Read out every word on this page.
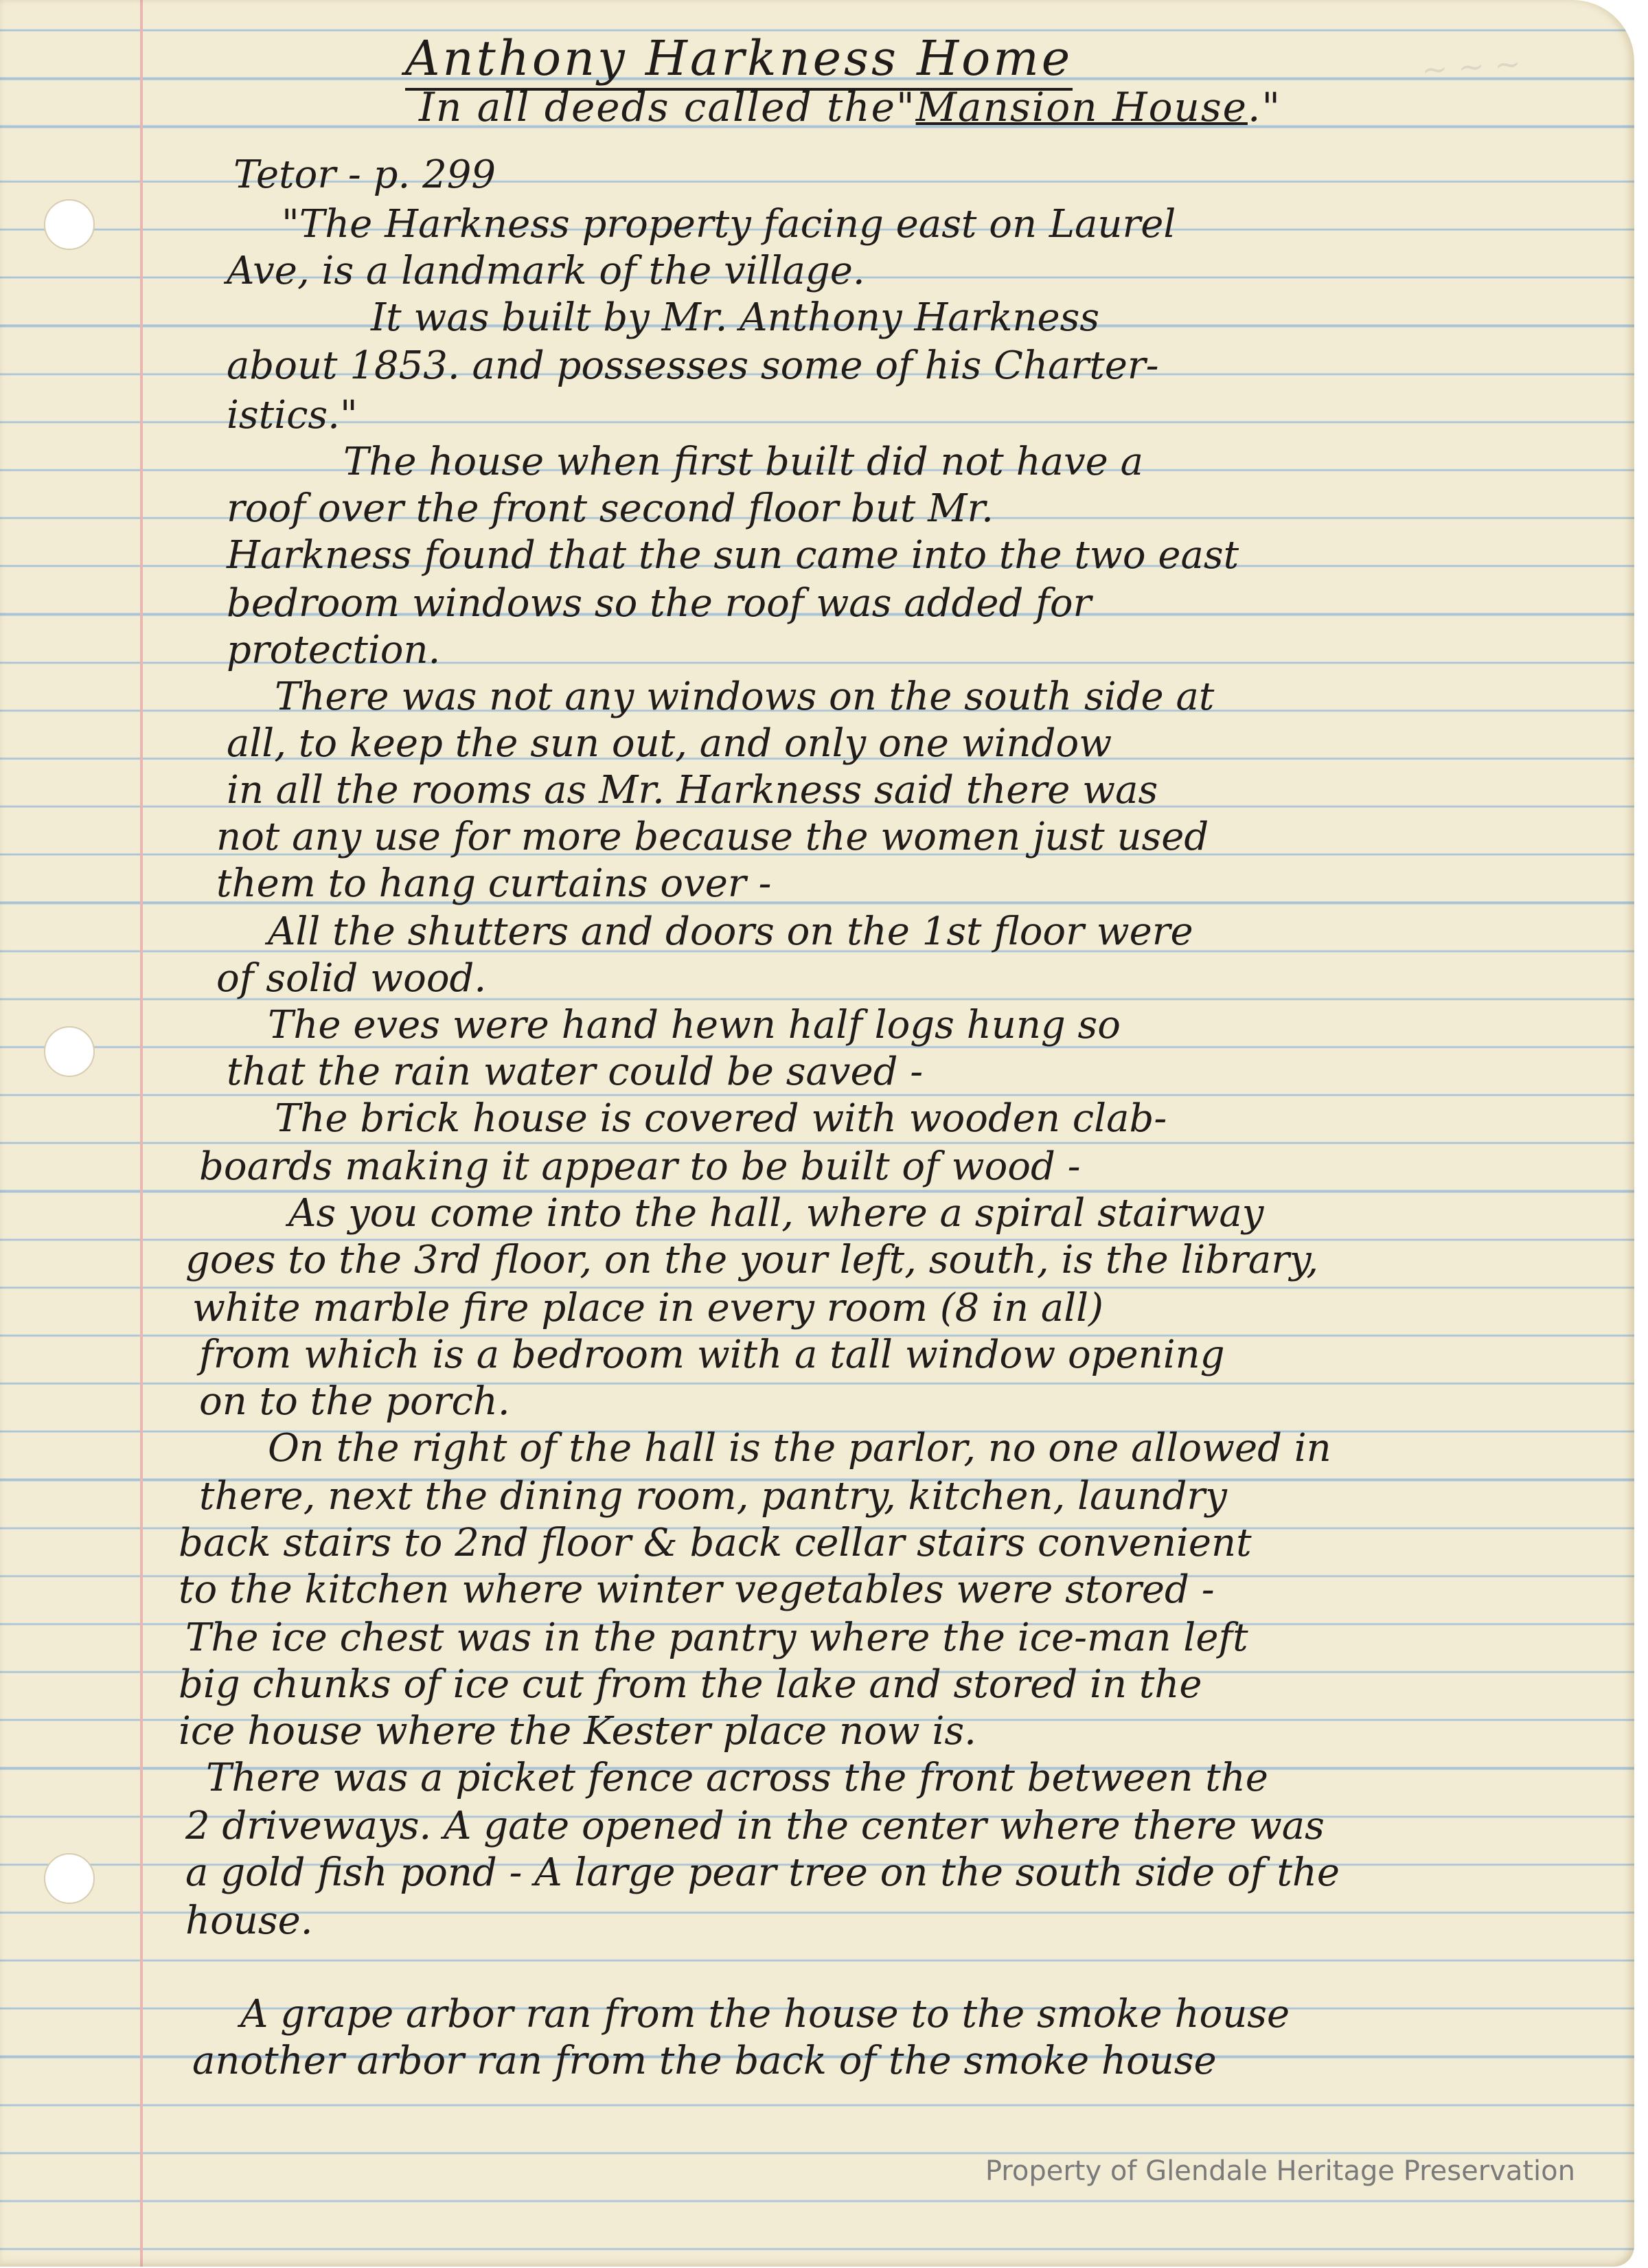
~ ~ ~
Anthony Harkness Home
In all deeds called the"Mansion House."
Tetor - p. 299
"The Harkness property facing east on Laurel
Ave, is a landmark of the village.
It was built by Mr. Anthony Harkness
about 1853. and possesses some of his Charter-
istics."
The house when first built did not have a
roof over the front second floor but Mr.
Harkness found that the sun came into the two east
bedroom windows so the roof was added for
protection.
There was not any windows on the south side at
all, to keep the sun out, and only one window
in all the rooms as Mr. Harkness said there was
not any use for more because the women just used
them to hang curtains over -
All the shutters and doors on the 1st floor were
of solid wood.
The eves were hand hewn half logs hung so
that the rain water could be saved -
The brick house is covered with wooden clab-
boards making it appear to be built of wood -
As you come into the hall, where a spiral stairway
goes to the 3rd floor, on the your left, south, is the library,
white marble fire place in every room (8 in all)
from which is a bedroom with a tall window opening
on to the porch.
On the right of the hall is the parlor, no one allowed in
there, next the dining room, pantry, kitchen, laundry
back stairs to 2nd floor & back cellar stairs convenient
to the kitchen where winter vegetables were stored -
The ice chest was in the pantry where the ice-man left
big chunks of ice cut from the lake and stored in the
ice house where the Kester place now is.
There was a picket fence across the front between the
2 driveways. A gate opened in the center where there was
a gold fish pond - A large pear tree on the south side of the
house.
A grape arbor ran from the house to the smoke house
another arbor ran from the back of the smoke house
Property of Glendale Heritage Preservation
